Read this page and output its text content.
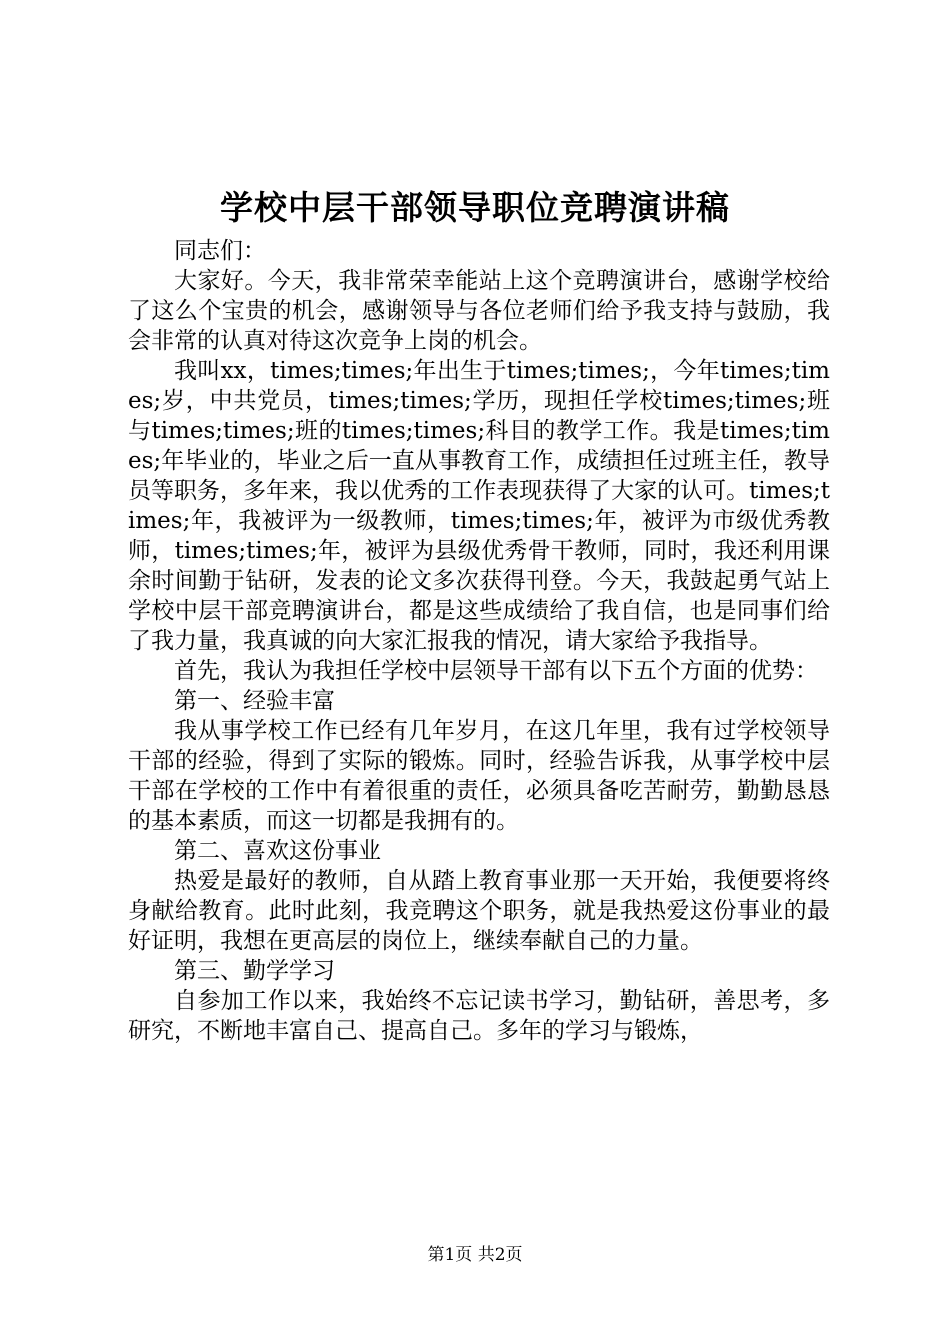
学校中层干部领导职位竞聘演讲稿

同志们：

大家好。今天，我非常荣幸能站上这个竞聘演讲台，感谢学校给了这么个宝贵的机会，感谢领导与各位老师们给予我支持与鼓励，我会非常的认真对待这次竞争上岗的机会。

我叫xx，times;times;年出生于times;times;，今年times;times;岁，中共党员，times;times;学历，现担任学校times;times;班与times;times;班的times;times;科目的教学工作。我是times;times;年毕业的，毕业之后一直从事教育工作，成绩担任过班主任，教导员等职务，多年来，我以优秀的工作表现获得了大家的认可。times;times;年，我被评为一级教师，times;times;年，被评为市级优秀教师，times;times;年，被评为县级优秀骨干教师，同时，我还利用课余时间勤于钻研，发表的论文多次获得刊登。今天，我鼓起勇气站上学校中层干部竞聘演讲台，都是这些成绩给了我自信，也是同事们给了我力量，我真诚的向大家汇报我的情况，请大家给予我指导。

首先，我认为我担任学校中层领导干部有以下五个方面的优势：

第一、经验丰富

我从事学校工作已经有几年岁月，在这几年里，我有过学校领导干部的经验，得到了实际的锻炼。同时，经验告诉我，从事学校中层干部在学校的工作中有着很重的责任，必须具备吃苦耐劳，勤勤恳恳的基本素质，而这一切都是我拥有的。

第二、喜欢这份事业

热爱是最好的教师，自从踏上教育事业那一天开始，我便要将终身献给教育。此时此刻，我竞聘这个职务，就是我热爱这份事业的最好证明，我想在更高层的岗位上，继续奉献自己的力量。

第三、勤学学习

自参加工作以来，我始终不忘记读书学习，勤钻研，善思考，多研究，不断地丰富自己、提高自己。多年的学习与锻炼，

第1页 共2页
